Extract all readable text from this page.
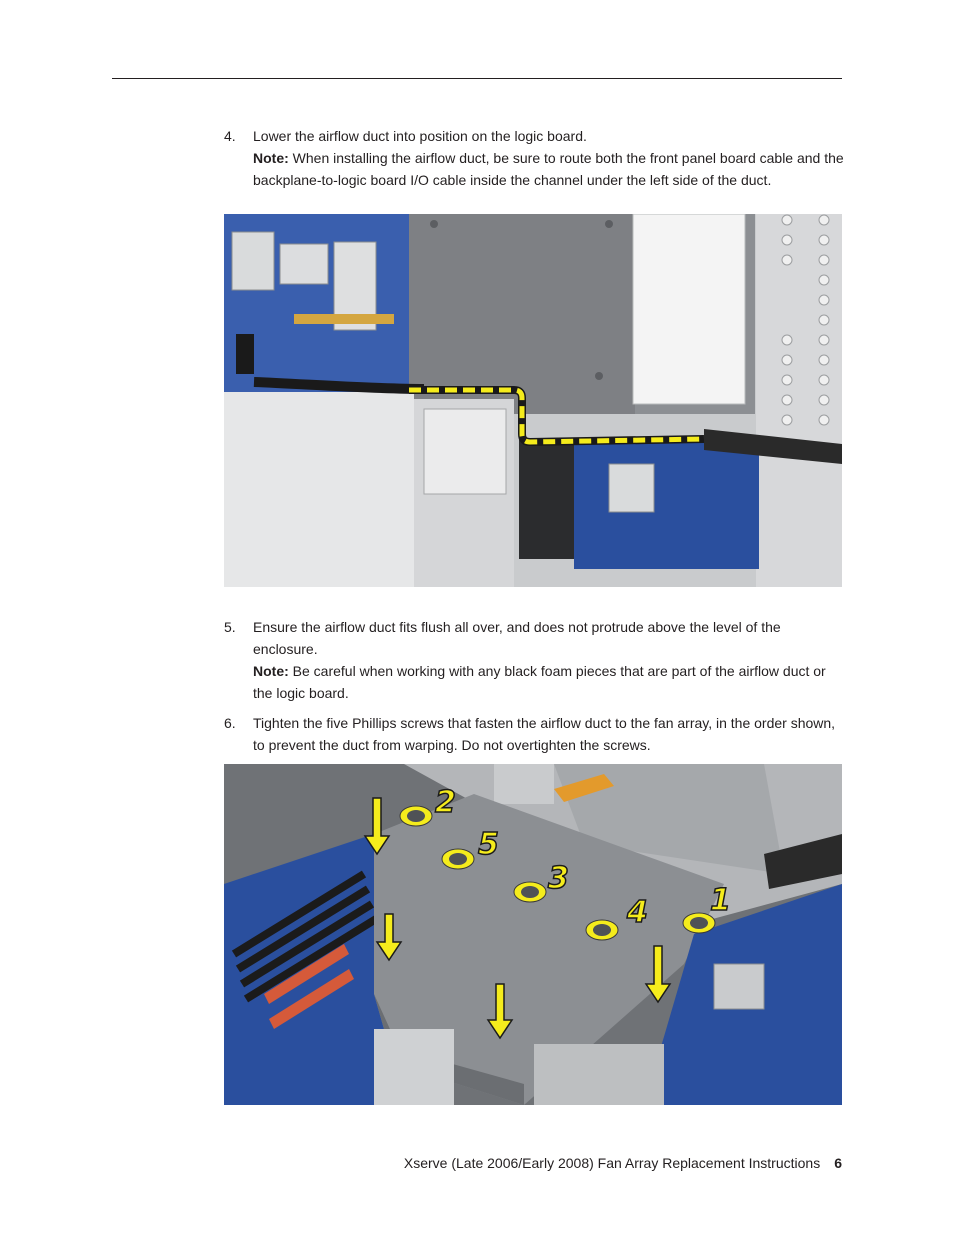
4. Lower the airflow duct into position on the logic board.

Note: When installing the airflow duct, be sure to route both the front panel board cable and the backplane-to-logic board I/O cable inside the channel under the left side of the duct.

5. Ensure the airflow duct fits flush all over, and does not protrude above the level of the enclosure.

Note: Be careful when working with any black foam pieces that are part of the airflow duct or the logic board.

6. Tighten the five Phillips screws that fasten the airflow duct to the fan array, in the order shown, to prevent the duct from warping. Do not overtighten the screws.

2
5
3
4 1
Xserve (Late 2006/Early 2008) Fan Array Replacement Instructions 6
